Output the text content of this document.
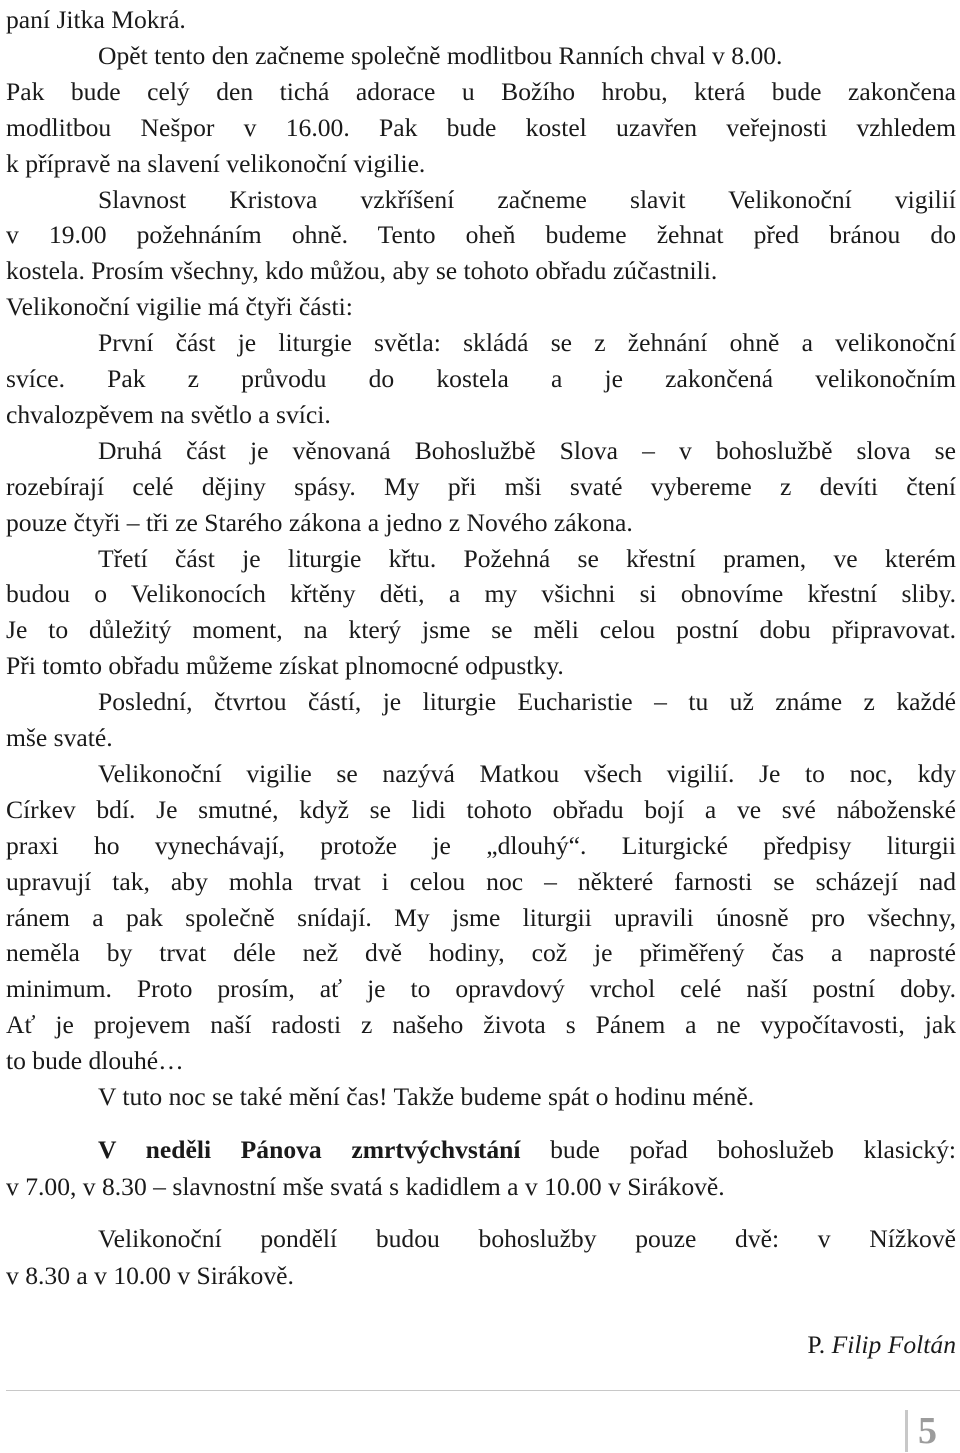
paní Jitka Mokrá.
Opět tento den začneme společně modlitbou Ranních chval v 8.00.
Pak bude celý den tichá adorace u Božího hrobu, která bude zakončena
modlitbou Nešpor v 16.00. Pak bude kostel uzavřen veřejnosti vzhledem
k přípravě na slavení velikonoční vigilie.
Slavnost Kristova vzkříšení začneme slavit Velikonoční vigilií
v 19.00 požehnáním ohně. Tento oheň budeme žehnat před bránou do
kostela. Prosím všechny, kdo můžou, aby se tohoto obřadu zúčastnili.
Velikonoční vigilie má čtyři části:
První část je liturgie světla: skládá se z žehnání ohně a velikonoční
svíce. Pak z průvodu do kostela a je zakončená velikonočním
chvalozpěvem na světlo a svíci.
Druhá část je věnovaná Bohoslužbě Slova – v bohoslužbě slova se
rozebírají celé dějiny spásy. My při mši svaté vybereme z devíti čtení
pouze čtyři – tři ze Starého zákona a jedno z Nového zákona.
Třetí část je liturgie křtu. Požehná se křestní pramen, ve kterém
budou o Velikonocích křtěny děti, a my všichni si obnovíme křestní sliby.
Je to důležitý moment, na který jsme se měli celou postní dobu připravovat.
Při tomto obřadu můžeme získat plnomocné odpustky.
Poslední, čtvrtou částí, je liturgie Eucharistie – tu už známe z každé
mše svaté.
Velikonoční vigilie se nazývá Matkou všech vigilií. Je to noc, kdy
Církev bdí. Je smutné, když se lidi tohoto obřadu bojí a ve své náboženské
praxi ho vynechávají, protože je „dlouhý“. Liturgické předpisy liturgii
upravují tak, aby mohla trvat i celou noc – některé farnosti se scházejí nad
ránem a pak společně snídají. My jsme liturgii upravili únosně pro všechny,
neměla by trvat déle než dvě hodiny, což je přiměřený čas a naprosté
minimum. Proto prosím, ať je to opravdový vrchol celé naší postní doby.
Ať je projevem naší radosti z našeho života s Pánem a ne vypočítavosti, jak
to bude dlouhé…
V tuto noc se také mění čas! Takže budeme spát o hodinu méně.
V neděli Pánova zmrtvýchvstání bude pořad bohoslužeb klasický:
v 7.00, v 8.30 – slavnostní mše svatá s kadidlem a v 10.00 v Sirákově.
Velikonoční pondělí budou bohoslužby pouze dvě: v Nížkově
v 8.30 a v 10.00 v Sirákově.
P. Filip Foltán
5
